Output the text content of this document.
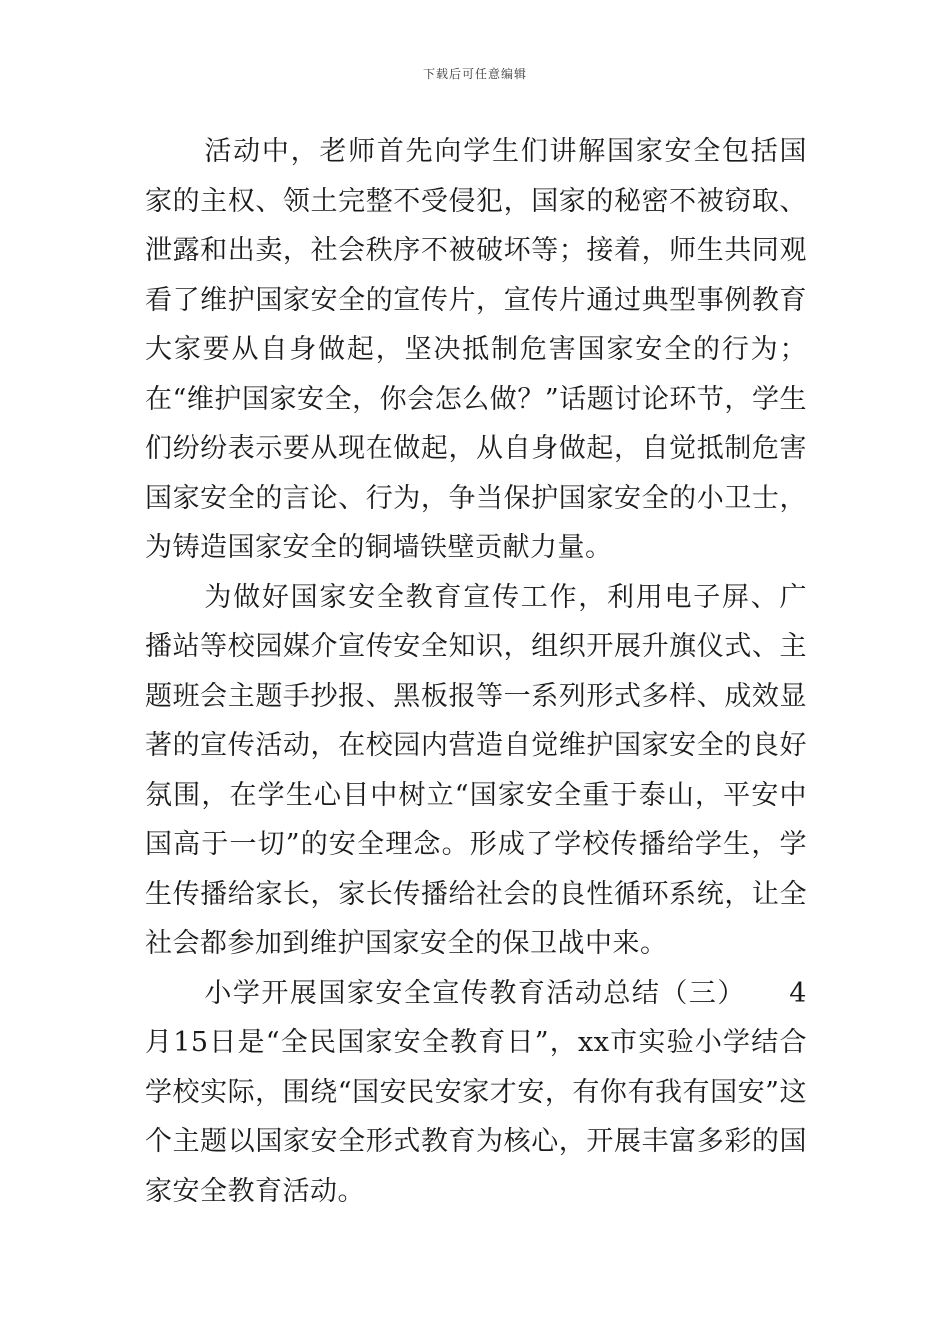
下载后可任意编辑

活动中，老师首先向学生们讲解国家安全包括国家的主权、领土完整不受侵犯，国家的秘密不被窃取、泄露和出卖，社会秩序不被破坏等；接着，师生共同观看了维护国家安全的宣传片，宣传片通过典型事例教育大家要从自身做起，坚决抵制危害国家安全的行为；在“维护国家安全，你会怎么做？”话题讨论环节，学生们纷纷表示要从现在做起，从自身做起，自觉抵制危害国家安全的言论、行为，争当保护国家安全的小卫士，为铸造国家安全的铜墙铁壁贡献力量。

为做好国家安全教育宣传工作，利用电子屏、广播站等校园媒介宣传安全知识，组织开展升旗仪式、主题班会主题手抄报、黑板报等一系列形式多样、成效显著的宣传活动，在校园内营造自觉维护国家安全的良好氛围，在学生心目中树立“国家安全重于泰山，平安中国高于一切”的安全理念。形成了学校传播给学生，学生传播给家长，家长传播给社会的良性循环系统，让全社会都参加到维护国家安全的保卫战中来。

小学开展国家安全宣传教育活动总结（三）　　4月15日是“全民国家安全教育日”，xx市实验小学结合学校实际，围绕“国安民安家才安，有你有我有国安”这个主题以国家安全形式教育为核心，开展丰富多彩的国家安全教育活动。
